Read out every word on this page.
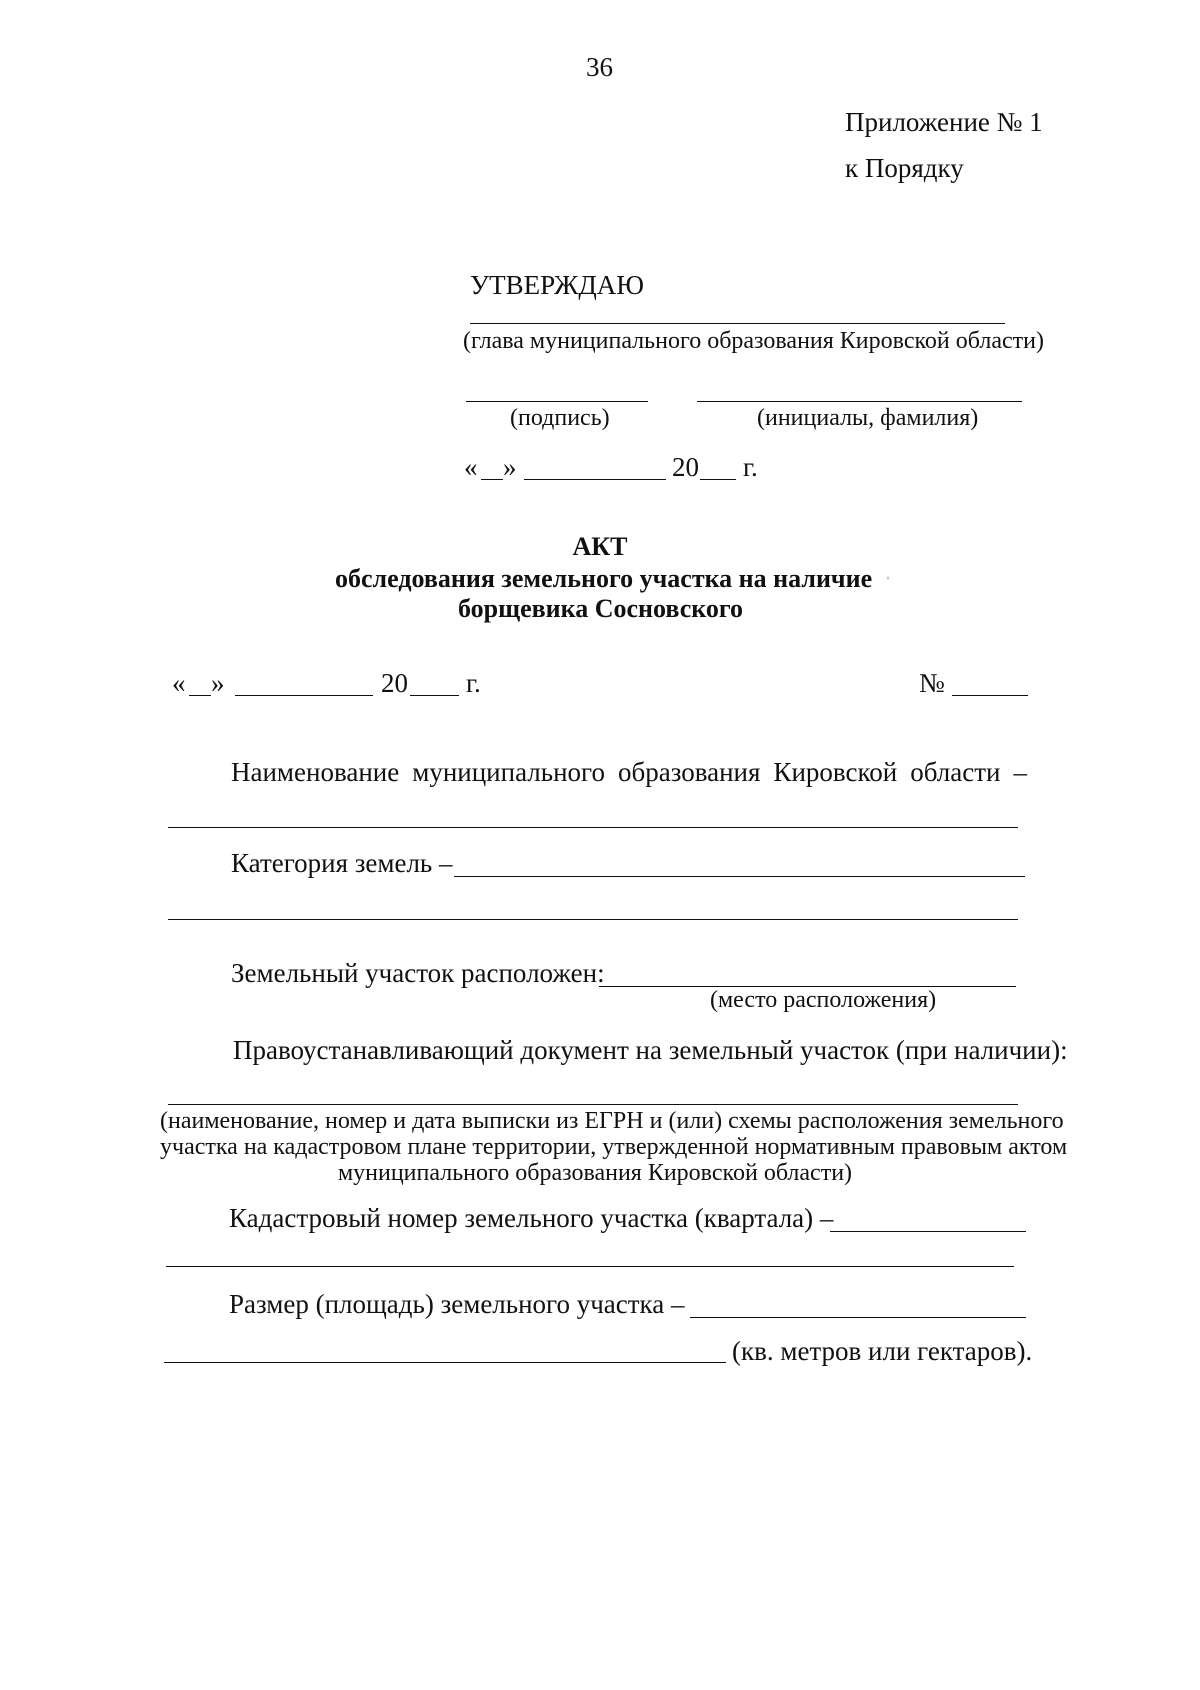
36
Приложение № 1
к Порядку
УТВЕРЖДАЮ
(глава муниципального образования Кировской области)
(подпись)	(инициалы, фамилия)
« »	20 г.
АКТ
обследования земельного участка на наличие ·
борщевика Сосновского
« »	20 г.	№
Наименование муниципального образования Кировской области –
Категория земель –
Земельный участок расположен:
(место расположения)
Правоустанавливающий документ на земельный участок (при наличии):
(наименование, номер и дата выписки из ЕГРН и (или) схемы расположения земельного
участка на кадастровом плане территории, утвержденной нормативным правовым актом
муниципального образования Кировской области)
Кадастровый номер земельного участка (квартала) –
Размер (площадь) земельного участка –
(кв. метров или гектаров).
